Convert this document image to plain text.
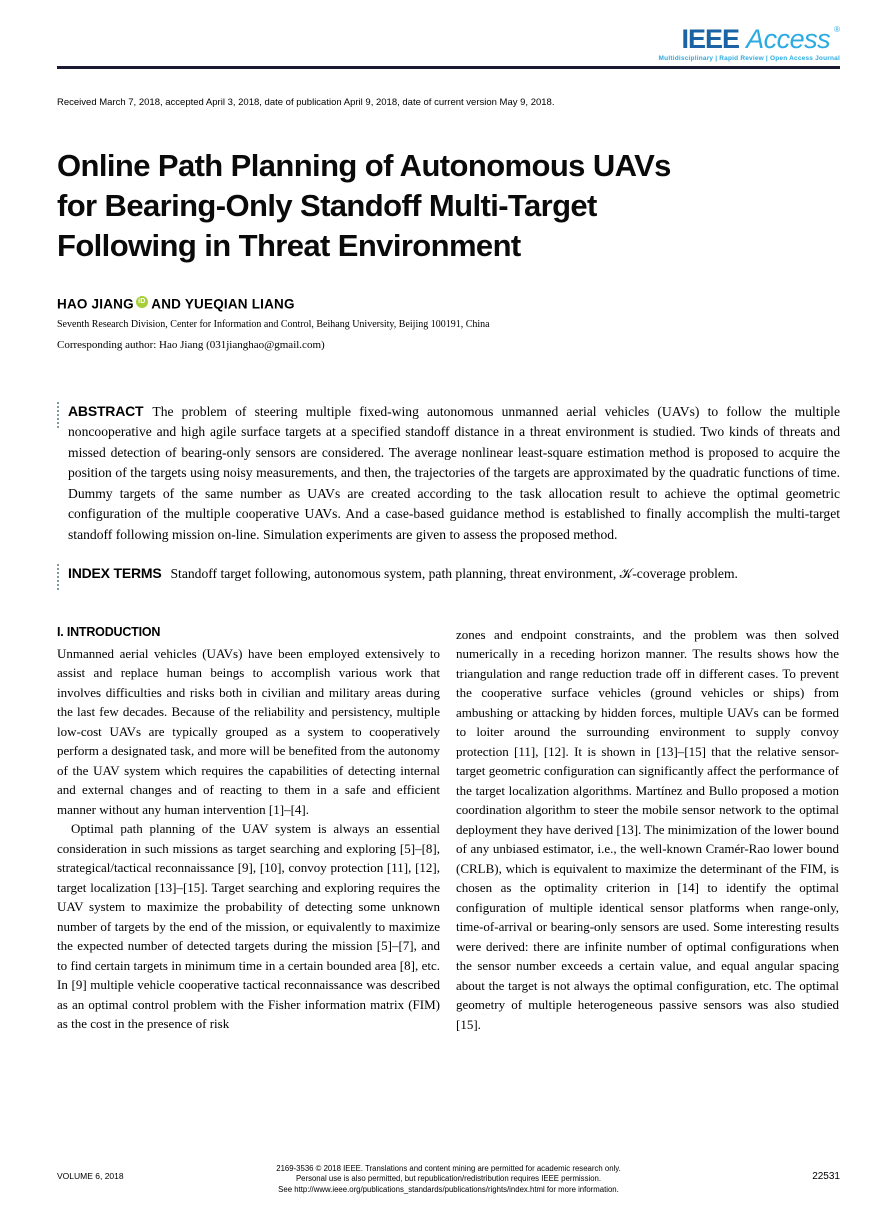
IEEE Access ®
Multidisciplinary | Rapid Review | Open Access Journal
Received March 7, 2018, accepted April 3, 2018, date of publication April 9, 2018, date of current version May 9, 2018.
Online Path Planning of Autonomous UAVs
for Bearing-Only Standoff Multi-Target
Following in Threat Environment
HAO JIANG iD AND YUEQIAN LIANG
Seventh Research Division, Center for Information and Control, Beihang University, Beijing 100191, China
Corresponding author: Hao Jiang (031jianghao@gmail.com)

ABSTRACT The problem of steering multiple fixed-wing autonomous unmanned aerial vehicles (UAVs) to follow the multiple noncooperative and high agile surface targets at a specified standoff distance in a threat environment is studied. Two kinds of threats and missed detection of bearing-only sensors are considered. The average nonlinear least-square estimation method is proposed to acquire the position of the targets using noisy measurements, and then, the trajectories of the targets are approximated by the quadratic functions of time. Dummy targets of the same number as UAVs are created according to the task allocation result to achieve the optimal geometric configuration of the multiple cooperative UAVs. And a case-based guidance method is established to finally accomplish the multi-target standoff following mission on-line. Simulation experiments are given to assess the proposed method.

INDEX TERMS Standoff target following, autonomous system, path planning, threat environment, 𝒦-coverage problem.

I. INTRODUCTION

Unmanned aerial vehicles (UAVs) have been employed extensively to assist and replace human beings to accomplish various work that involves difficulties and risks both in civilian and military areas during the last few decades. Because of the reliability and persistency, multiple low-cost UAVs are typically grouped as a system to cooperatively perform a designated task, and more will be benefited from the autonomy of the UAV system which requires the capabilities of detecting internal and external changes and of reacting to them in a safe and efficient manner without any human intervention [1]–[4].

Optimal path planning of the UAV system is always an essential consideration in such missions as target searching and exploring [5]–[8], strategical/tactical reconnaissance [9], [10], convoy protection [11], [12], target localization [13]–[15]. Target searching and exploring requires the UAV system to maximize the probability of detecting some unknown number of targets by the end of the mission, or equivalently to maximize the expected number of detected targets during the mission [5]–[7], and to find certain targets in minimum time in a certain bounded area [8], etc. In [9] multiple vehicle cooperative tactical reconnaissance was described as an optimal control problem with the Fisher information matrix (FIM) as the cost in the presence of risk

zones and endpoint constraints, and the problem was then solved numerically in a receding horizon manner. The results shows how the triangulation and range reduction trade off in different cases. To prevent the cooperative surface vehicles (ground vehicles or ships) from ambushing or attacking by hidden forces, multiple UAVs can be formed to loiter around the surrounding environment to supply convoy protection [11], [12]. It is shown in [13]–[15] that the relative sensor-target geometric configuration can significantly affect the performance of the target localization algorithms. Martínez and Bullo proposed a motion coordination algorithm to steer the mobile sensor network to the optimal deployment they have derived [13]. The minimization of the lower bound of any unbiased estimator, i.e., the well-known Cramér-Rao lower bound (CRLB), which is equivalent to maximize the determinant of the FIM, is chosen as the optimality criterion in [14] to identify the optimal configuration of multiple identical sensor platforms when range-only, time-of-arrival or bearing-only sensors are used. Some interesting results were derived: there are infinite number of optimal configurations when the sensor number exceeds a certain value, and equal angular spacing about the target is not always the optimal configuration, etc. The optimal geometry of multiple heterogeneous passive sensors was also studied [15].

VOLUME 6, 2018
2169-3536 © 2018 IEEE. Translations and content mining are permitted for academic research only.
Personal use is also permitted, but republication/redistribution requires IEEE permission.
See http://www.ieee.org/publications_standards/publications/rights/index.html for more information.
22531
